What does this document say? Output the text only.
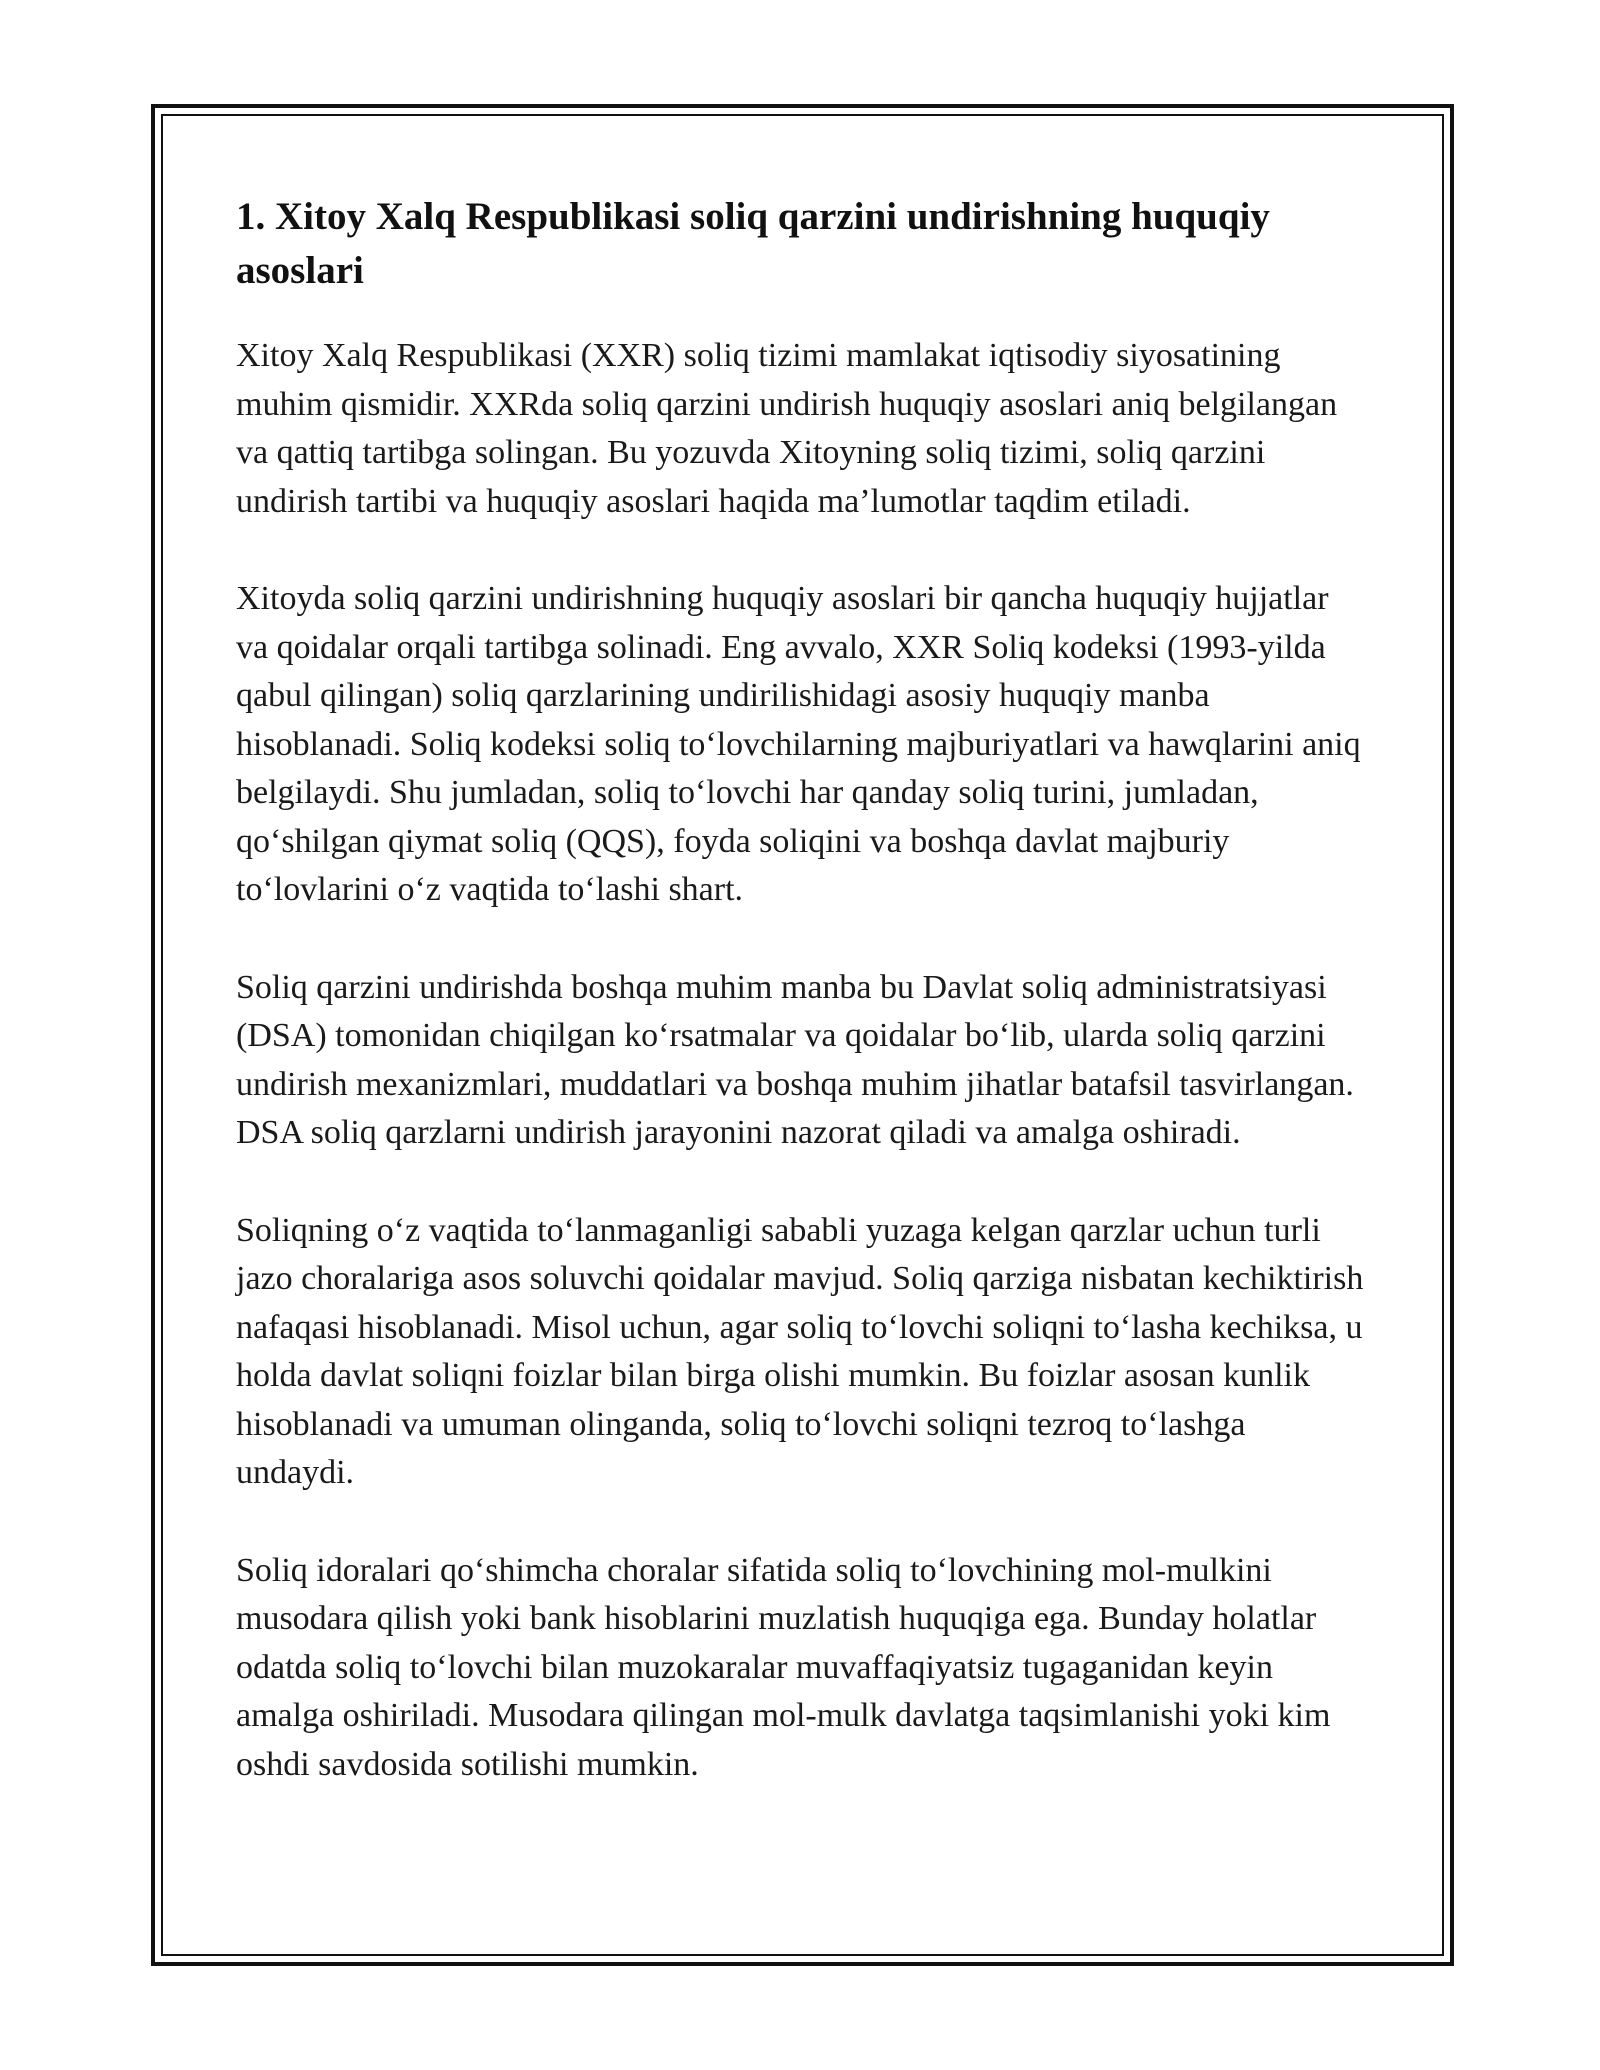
1. Xitoy Xalq Respublikasi soliq qarzini undirishning huquqiy asoslari

Xitoy Xalq Respublikasi (XXR) soliq tizimi mamlakat iqtisodiy siyosatining muhim qismidir. XXRda soliq qarzini undirish huquqiy asoslari aniq belgilangan va qattiq tartibga solingan. Bu yozuvda Xitoyning soliq tizimi, soliq qarzini undirish tartibi va huquqiy asoslari haqida ma’lumotlar taqdim etiladi.

Xitoyda soliq qarzini undirishning huquqiy asoslari bir qancha huquqiy hujjatlar va qoidalar orqali tartibga solinadi. Eng avvalo, XXR Soliq kodeksi (1993-yilda qabul qilingan) soliq qarzlarining undirilishidagi asosiy huquqiy manba hisoblanadi. Soliq kodeksi soliq to‘lovchilarning majburiyatlari va hawqlarini aniq belgilaydi. Shu jumladan, soliq to‘lovchi har qanday soliq turini, jumladan, qo‘shilgan qiymat soliq (QQS), foyda soliqini va boshqa davlat majburiy to‘lovlarini o‘z vaqtida to‘lashi shart.

Soliq qarzini undirishda boshqa muhim manba bu Davlat soliq administratsiyasi (DSA) tomonidan chiqilgan ko‘rsatmalar va qoidalar bo‘lib, ularda soliq qarzini undirish mexanizmlari, muddatlari va boshqa muhim jihatlar batafsil tasvirlangan. DSA soliq qarzlarni undirish jarayonini nazorat qiladi va amalga oshiradi.

Soliqning o‘z vaqtida to‘lanmaganligi sababli yuzaga kelgan qarzlar uchun turli jazo choralariga asos soluvchi qoidalar mavjud. Soliq qarziga nisbatan kechiktirish nafaqasi hisoblanadi. Misol uchun, agar soliq to‘lovchi soliqni to‘lasha kechiksa, u holda davlat soliqni foizlar bilan birga olishi mumkin. Bu foizlar asosan kunlik hisoblanadi va umuman olinganda, soliq to‘lovchi soliqni tezroq to‘lashga undaydi.

Soliq idoralari qo‘shimcha choralar sifatida soliq to‘lovchining mol-mulkini musodara qilish yoki bank hisoblarini muzlatish huquqiga ega. Bunday holatlar odatda soliq to‘lovchi bilan muzokaralar muvaffaqiyatsiz tugaganidan keyin amalga oshiriladi. Musodara qilingan mol-mulk davlatga taqsimlanishi yoki kim oshdi savdosida sotilishi mumkin.
